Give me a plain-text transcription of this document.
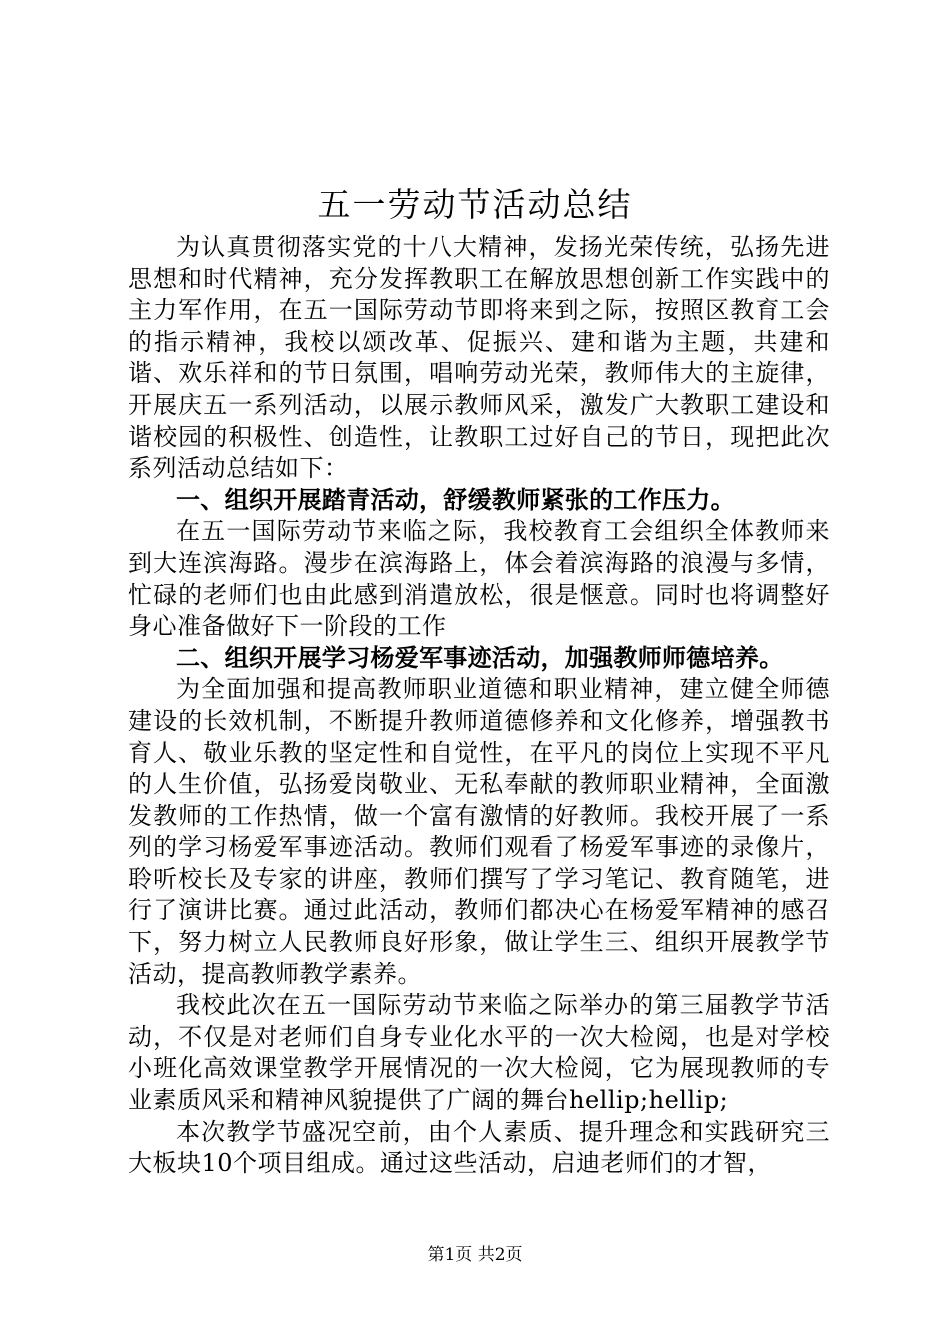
五一劳动节活动总结

为认真贯彻落实党的十八大精神，发扬光荣传统，弘扬先进思想和时代精神，充分发挥教职工在解放思想创新工作实践中的主力军作用，在五一国际劳动节即将来到之际，按照区教育工会的指示精神，我校以颂改革、促振兴、建和谐为主题，共建和谐、欢乐祥和的节日氛围，唱响劳动光荣，教师伟大的主旋律，开展庆五一系列活动，以展示教师风采，激发广大教职工建设和谐校园的积极性、创造性，让教职工过好自己的节日，现把此次系列活动总结如下：

一、组织开展踏青活动，舒缓教师紧张的工作压力。

在五一国际劳动节来临之际，我校教育工会组织全体教师来到大连滨海路。漫步在滨海路上，体会着滨海路的浪漫与多情，忙碌的老师们也由此感到消遣放松，很是惬意。同时也将调整好身心准备做好下一阶段的工作

二、组织开展学习杨爱军事迹活动，加强教师师德培养。

为全面加强和提高教师职业道德和职业精神，建立健全师德建设的长效机制，不断提升教师道德修养和文化修养，增强教书育人、敬业乐教的坚定性和自觉性，在平凡的岗位上实现不平凡的人生价值，弘扬爱岗敬业、无私奉献的教师职业精神，全面激发教师的工作热情，做一个富有激情的好教师。我校开展了一系列的学习杨爱军事迹活动。教师们观看了杨爱军事迹的录像片，聆听校长及专家的讲座，教师们撰写了学习笔记、教育随笔，进行了演讲比赛。通过此活动，教师们都决心在杨爱军精神的感召下，努力树立人民教师良好形象，做让学生三、组织开展教学节活动，提高教师教学素养。

我校此次在五一国际劳动节来临之际举办的第三届教学节活动，不仅是对老师们自身专业化水平的一次大检阅，也是对学校小班化高效课堂教学开展情况的一次大检阅，它为展现教师的专业素质风采和精神风貌提供了广阔的舞台hellip;hellip;

本次教学节盛况空前，由个人素质、提升理念和实践研究三大板块10个项目组成。通过这些活动，启迪老师们的才智，

第1页 共2页
